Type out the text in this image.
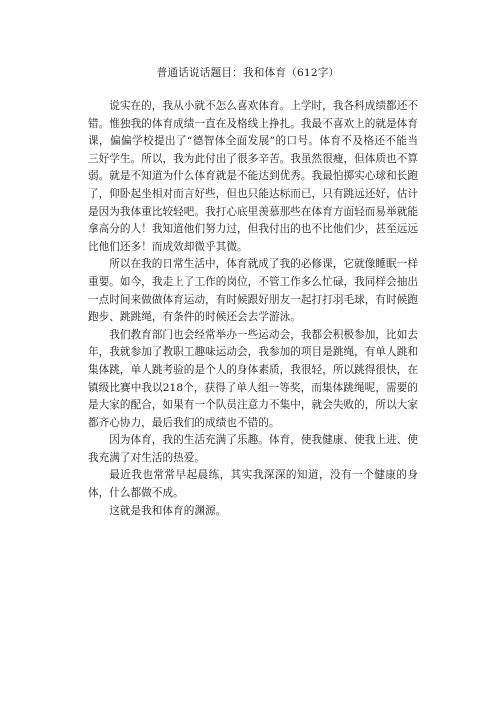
普通话说话题目：我和体育（612字）

说实在的，我从小就不怎么喜欢体育。上学时，我各科成绩都还不错。惟独我的体育成绩一直在及格线上挣扎。我最不喜欢上的就是体育课，偏偏学校提出了“德智体全面发展”的口号。体育不及格还不能当三好学生。所以，我为此付出了很多辛苦。我虽然很瘦，但体质也不算弱。就是不知道为什么体育就是不能达到优秀。我最怕掷实心球和长跑了，仰卧起坐相对而言好些，但也只能达标而已，只有跳远还好，估计是因为我体重比较轻吧。我打心底里羡慕那些在体育方面轻而易举就能拿高分的人！我知道他们努力过，但我付出的也不比他们少，甚至远远比他们还多！而成效却微乎其微。

所以在我的日常生活中，体育就成了我的必修课，它就像睡眠一样重要。如今，我走上了工作的岗位，不管工作多么忙碌，我同样会抽出一点时间来做做体育运动，有时候跟好朋友一起打打羽毛球，有时候跑跑步、跳跳绳，有条件的时候还会去学游泳。

我们教育部门也会经常举办一些运动会，我都会积极参加，比如去年，我就参加了教职工趣味运动会，我参加的项目是跳绳，有单人跳和集体跳，单人跳考验的是个人的身体素质，我很轻，所以跳得很快，在镇级比赛中我以218个，获得了单人组一等奖，而集体跳绳呢，需要的是大家的配合，如果有一个队员注意力不集中，就会失败的，所以大家都齐心协力，最后我们的成绩也不错的。

因为体育，我的生活充满了乐趣。体育，使我健康、使我上进、使我充满了对生活的热爱。

最近我也常常早起晨练，其实我深深的知道，没有一个健康的身体，什么都做不成。

这就是我和体育的渊源。
